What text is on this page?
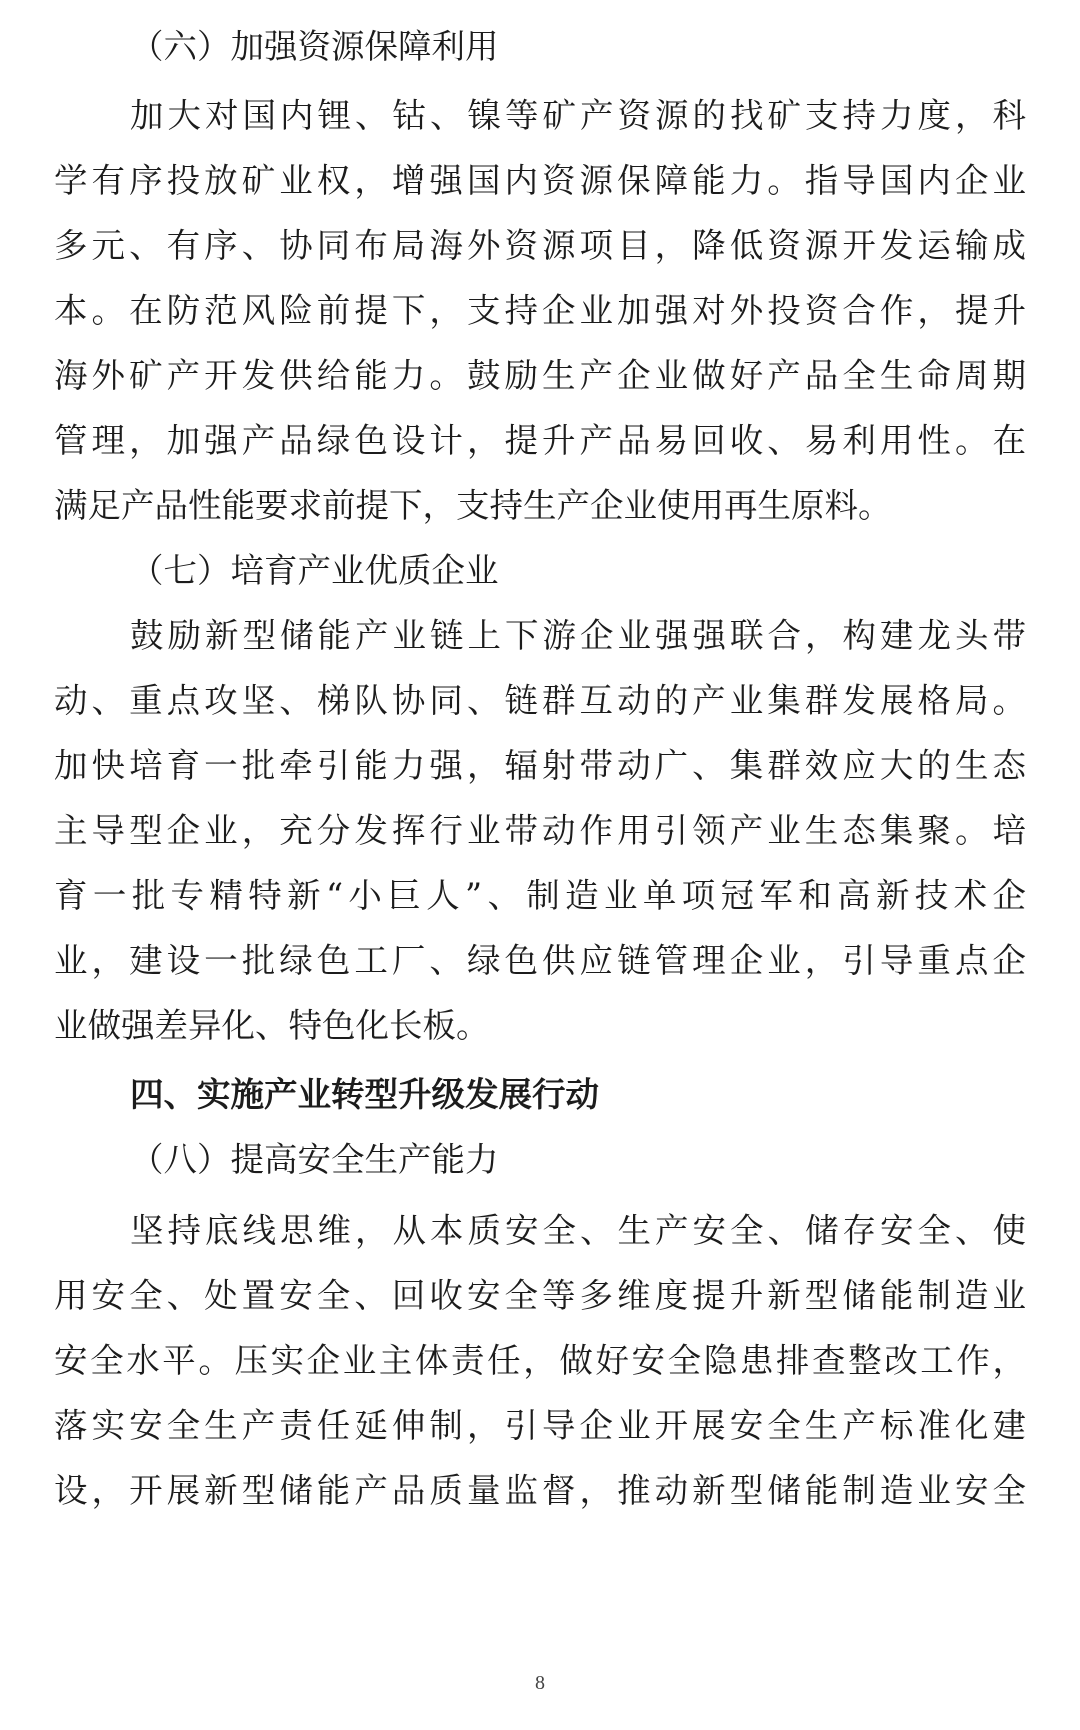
（六）加强资源保障利用
加大对国内锂、钴、镍等矿产资源的找矿支持力度，科
学有序投放矿业权，增强国内资源保障能力。指导国内企业
多元、有序、协同布局海外资源项目，降低资源开发运输成
本。在防范风险前提下，支持企业加强对外投资合作，提升
海外矿产开发供给能力。鼓励生产企业做好产品全生命周期
管理，加强产品绿色设计，提升产品易回收、易利用性。在
满足产品性能要求前提下，支持生产企业使用再生原料。
（七）培育产业优质企业
鼓励新型储能产业链上下游企业强强联合，构建龙头带
动、重点攻坚、梯队协同、链群互动的产业集群发展格局。
加快培育一批牵引能力强，辐射带动广、集群效应大的生态
主导型企业，充分发挥行业带动作用引领产业生态集聚。培
育一批专精特新“小巨人”、制造业单项冠军和高新技术企
业，建设一批绿色工厂、绿色供应链管理企业，引导重点企
业做强差异化、特色化长板。
四、实施产业转型升级发展行动
（八）提高安全生产能力
坚持底线思维，从本质安全、生产安全、储存安全、使
用安全、处置安全、回收安全等多维度提升新型储能制造业
安全水平。压实企业主体责任，做好安全隐患排查整改工作，
落实安全生产责任延伸制，引导企业开展安全生产标准化建
设，开展新型储能产品质量监督，推动新型储能制造业安全
8
